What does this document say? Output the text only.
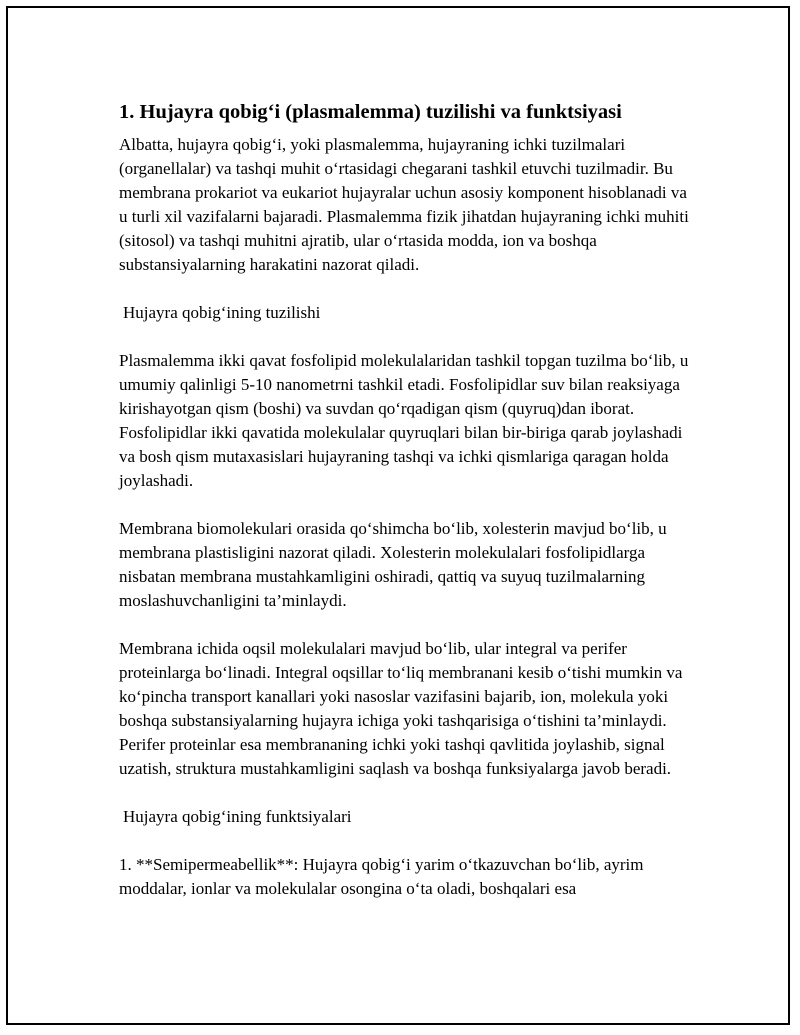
1. Hujayra qobig‘i (plasmalemma) tuzilishi va funktsiyasi

Albatta, hujayra qobig‘i, yoki plasmalemma, hujayraning ichki tuzilmalari (organellalar) va tashqi muhit o‘rtasidagi chegarani tashkil etuvchi tuzilmadir. Bu membrana prokariot va eukariot hujayralar uchun asosiy komponent hisoblanadi va u turli xil vazifalarni bajaradi. Plasmalemma fizik jihatdan hujayraning ichki muhiti (sitosol) va tashqi muhitni ajratib, ular o‘rtasida modda, ion va boshqa substansiyalarning harakatini nazorat qiladi.

Hujayra qobig‘ining tuzilishi

Plasmalemma ikki qavat fosfolipid molekulalaridan tashkil topgan tuzilma bo‘lib, u umumiy qalinligi 5-10 nanometrni tashkil etadi. Fosfolipidlar suv bilan reaksiyaga kirishayotgan qism (boshi) va suvdan qo‘rqadigan qism (quyruq)dan iborat. Fosfolipidlar ikki qavatida molekulalar quyruqlari bilan bir-biriga qarab joylashadi va bosh qism mutaxasislari hujayraning tashqi va ichki qismlariga qaragan holda joylashadi.

Membrana biomolekulari orasida qo‘shimcha bo‘lib, xolesterin mavjud bo‘lib, u membrana plastisligini nazorat qiladi. Xolesterin molekulalari fosfolipidlarga nisbatan membrana mustahkamligini oshiradi, qattiq va suyuq tuzilmalarning moslashuvchanligini ta’minlaydi.

Membrana ichida oqsil molekulalari mavjud bo‘lib, ular integral va perifer proteinlarga bo‘linadi. Integral oqsillar to‘liq membranani kesib o‘tishi mumkin va ko‘pincha transport kanallari yoki nasoslar vazifasini bajarib, ion, molekula yoki boshqa substansiyalarning hujayra ichiga yoki tashqarisiga o‘tishini ta’minlaydi. Perifer proteinlar esa membrananing ichki yoki tashqi qavlitida joylashib, signal uzatish, struktura mustahkamligini saqlash va boshqa funksiyalarga javob beradi.

Hujayra qobig‘ining funktsiyalari

1. **Semipermeabellik**: Hujayra qobig‘i yarim o‘tkazuvchan bo‘lib, ayrim moddalar, ionlar va molekulalar osongina o‘ta oladi, boshqalari esa
